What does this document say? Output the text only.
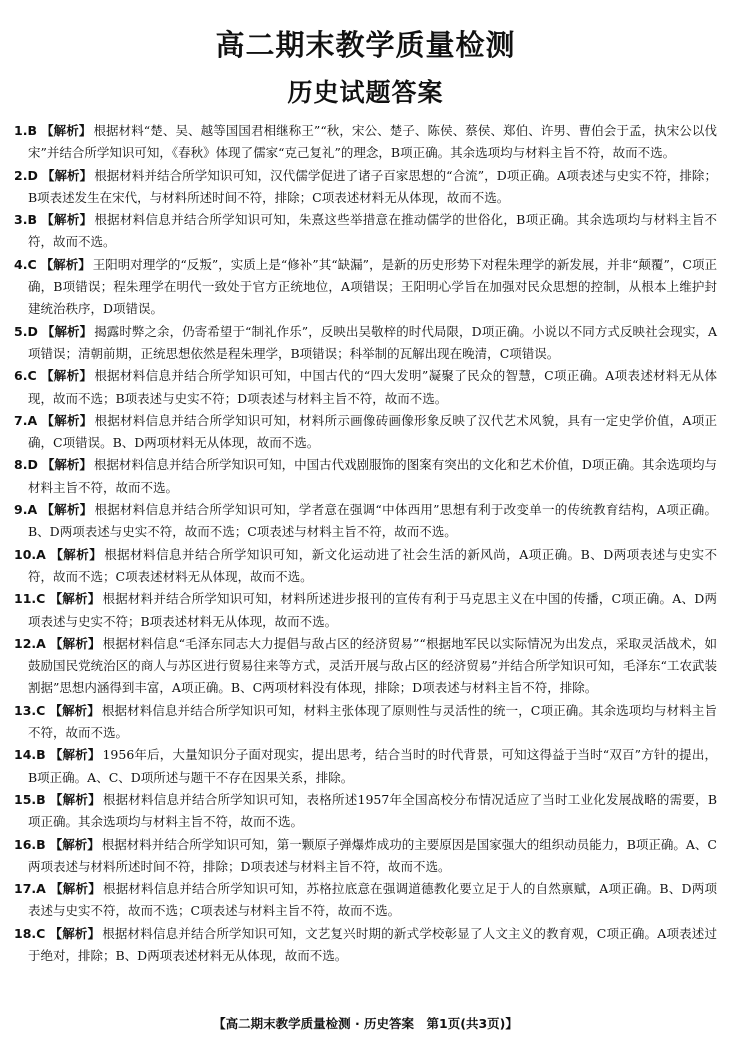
高二期末教学质量检测
历史试题答案

1.B 【解析】 根据材料“楚、吴、越等国国君相继称王”“秋，宋公、楚子、陈侯、蔡侯、郑伯、许男、曹伯会于孟，执宋公以伐宋”并结合所学知识可知，《春秋》体现了儒家“克己复礼”的理念，B项正确。其余选项均与材料主旨不符，故而不选。

2.D 【解析】 根据材料并结合所学知识可知，汉代儒学促进了诸子百家思想的“合流”，D项正确。A项表述与史实不符，排除；B项表述发生在宋代，与材料所述时间不符，排除；C项表述材料无从体现，故而不选。

3.B 【解析】 根据材料信息并结合所学知识可知，朱熹这些举措意在推动儒学的世俗化，B项正确。其余选项均与材料主旨不符，故而不选。

4.C 【解析】 王阳明对理学的“反叛”，实质上是“修补”其“缺漏”，是新的历史形势下对程朱理学的新发展，并非“颠覆”，C项正确，B项错误；程朱理学在明代一致处于官方正统地位，A项错误；王阳明心学旨在加强对民众思想的控制，从根本上维护封建统治秩序，D项错误。

5.D 【解析】 揭露时弊之余，仍寄希望于“制礼作乐”，反映出吴敬梓的时代局限，D项正确。小说以不同方式反映社会现实，A项错误；清朝前期，正统思想依然是程朱理学，B项错误；科举制的瓦解出现在晚清，C项错误。

6.C 【解析】 根据材料信息并结合所学知识可知，中国古代的“四大发明”凝聚了民众的智慧，C项正确。A项表述材料无从体现，故而不选；B项表述与史实不符；D项表述与材料主旨不符，故而不选。

7.A 【解析】 根据材料信息并结合所学知识可知，材料所示画像砖画像形象反映了汉代艺术风貌，具有一定史学价值，A项正确，C项错误。B、D两项材料无从体现，故而不选。

8.D 【解析】 根据材料信息并结合所学知识可知，中国古代戏剧服饰的图案有突出的文化和艺术价值，D项正确。其余选项均与材料主旨不符，故而不选。

9.A 【解析】 根据材料信息并结合所学知识可知，学者意在强调“中体西用”思想有利于改变单一的传统教育结构，A项正确。B、D两项表述与史实不符，故而不选；C项表述与材料主旨不符，故而不选。

10.A 【解析】 根据材料信息并结合所学知识可知，新文化运动进了社会生活的新风尚，A项正确。B、D两项表述与史实不符，故而不选；C项表述材料无从体现，故而不选。

11.C 【解析】 根据材料并结合所学知识可知，材料所述进步报刊的宣传有利于马克思主义在中国的传播，C项正确。A、D两项表述与史实不符；B项表述材料无从体现，故而不选。

12.A 【解析】 根据材料信息“毛泽东同志大力提倡与敌占区的经济贸易”“根据地军民以实际情况为出发点，采取灵活战术，如鼓励国民党统治区的商人与苏区进行贸易往来等方式，灵活开展与敌占区的经济贸易”并结合所学知识可知，毛泽东“工农武装割据”思想内涵得到丰富，A项正确。B、C两项材料没有体现，排除；D项表述与材料主旨不符，排除。

13.C 【解析】 根据材料信息并结合所学知识可知，材料主张体现了原则性与灵活性的统一，C项正确。其余选项均与材料主旨不符，故而不选。

14.B 【解析】 1956年后，大量知识分子面对现实，提出思考，结合当时的时代背景，可知这得益于当时“双百”方针的提出，B项正确。A、C、D项所述与题干不存在因果关系，排除。

15.B 【解析】 根据材料信息并结合所学知识可知，表格所述1957年全国高校分布情况适应了当时工业化发展战略的需要，B项正确。其余选项均与材料主旨不符，故而不选。

16.B 【解析】 根据材料并结合所学知识可知，第一颗原子弹爆炸成功的主要原因是国家强大的组织动员能力，B项正确。A、C两项表述与材料所述时间不符，排除；D项表述与材料主旨不符，故而不选。

17.A 【解析】 根据材料信息并结合所学知识可知，苏格拉底意在强调道德教化要立足于人的自然禀赋，A项正确。B、D两项表述与史实不符，故而不选；C项表述与材料主旨不符，故而不选。

18.C 【解析】 根据材料信息并结合所学知识可知，文艺复兴时期的新式学校彰显了人文主义的教育观，C项正确。A项表述过于绝对，排除；B、D两项表述材料无从体现，故而不选。

【高二期末教学质量检测 · 历史答案　第1页(共3页)】
